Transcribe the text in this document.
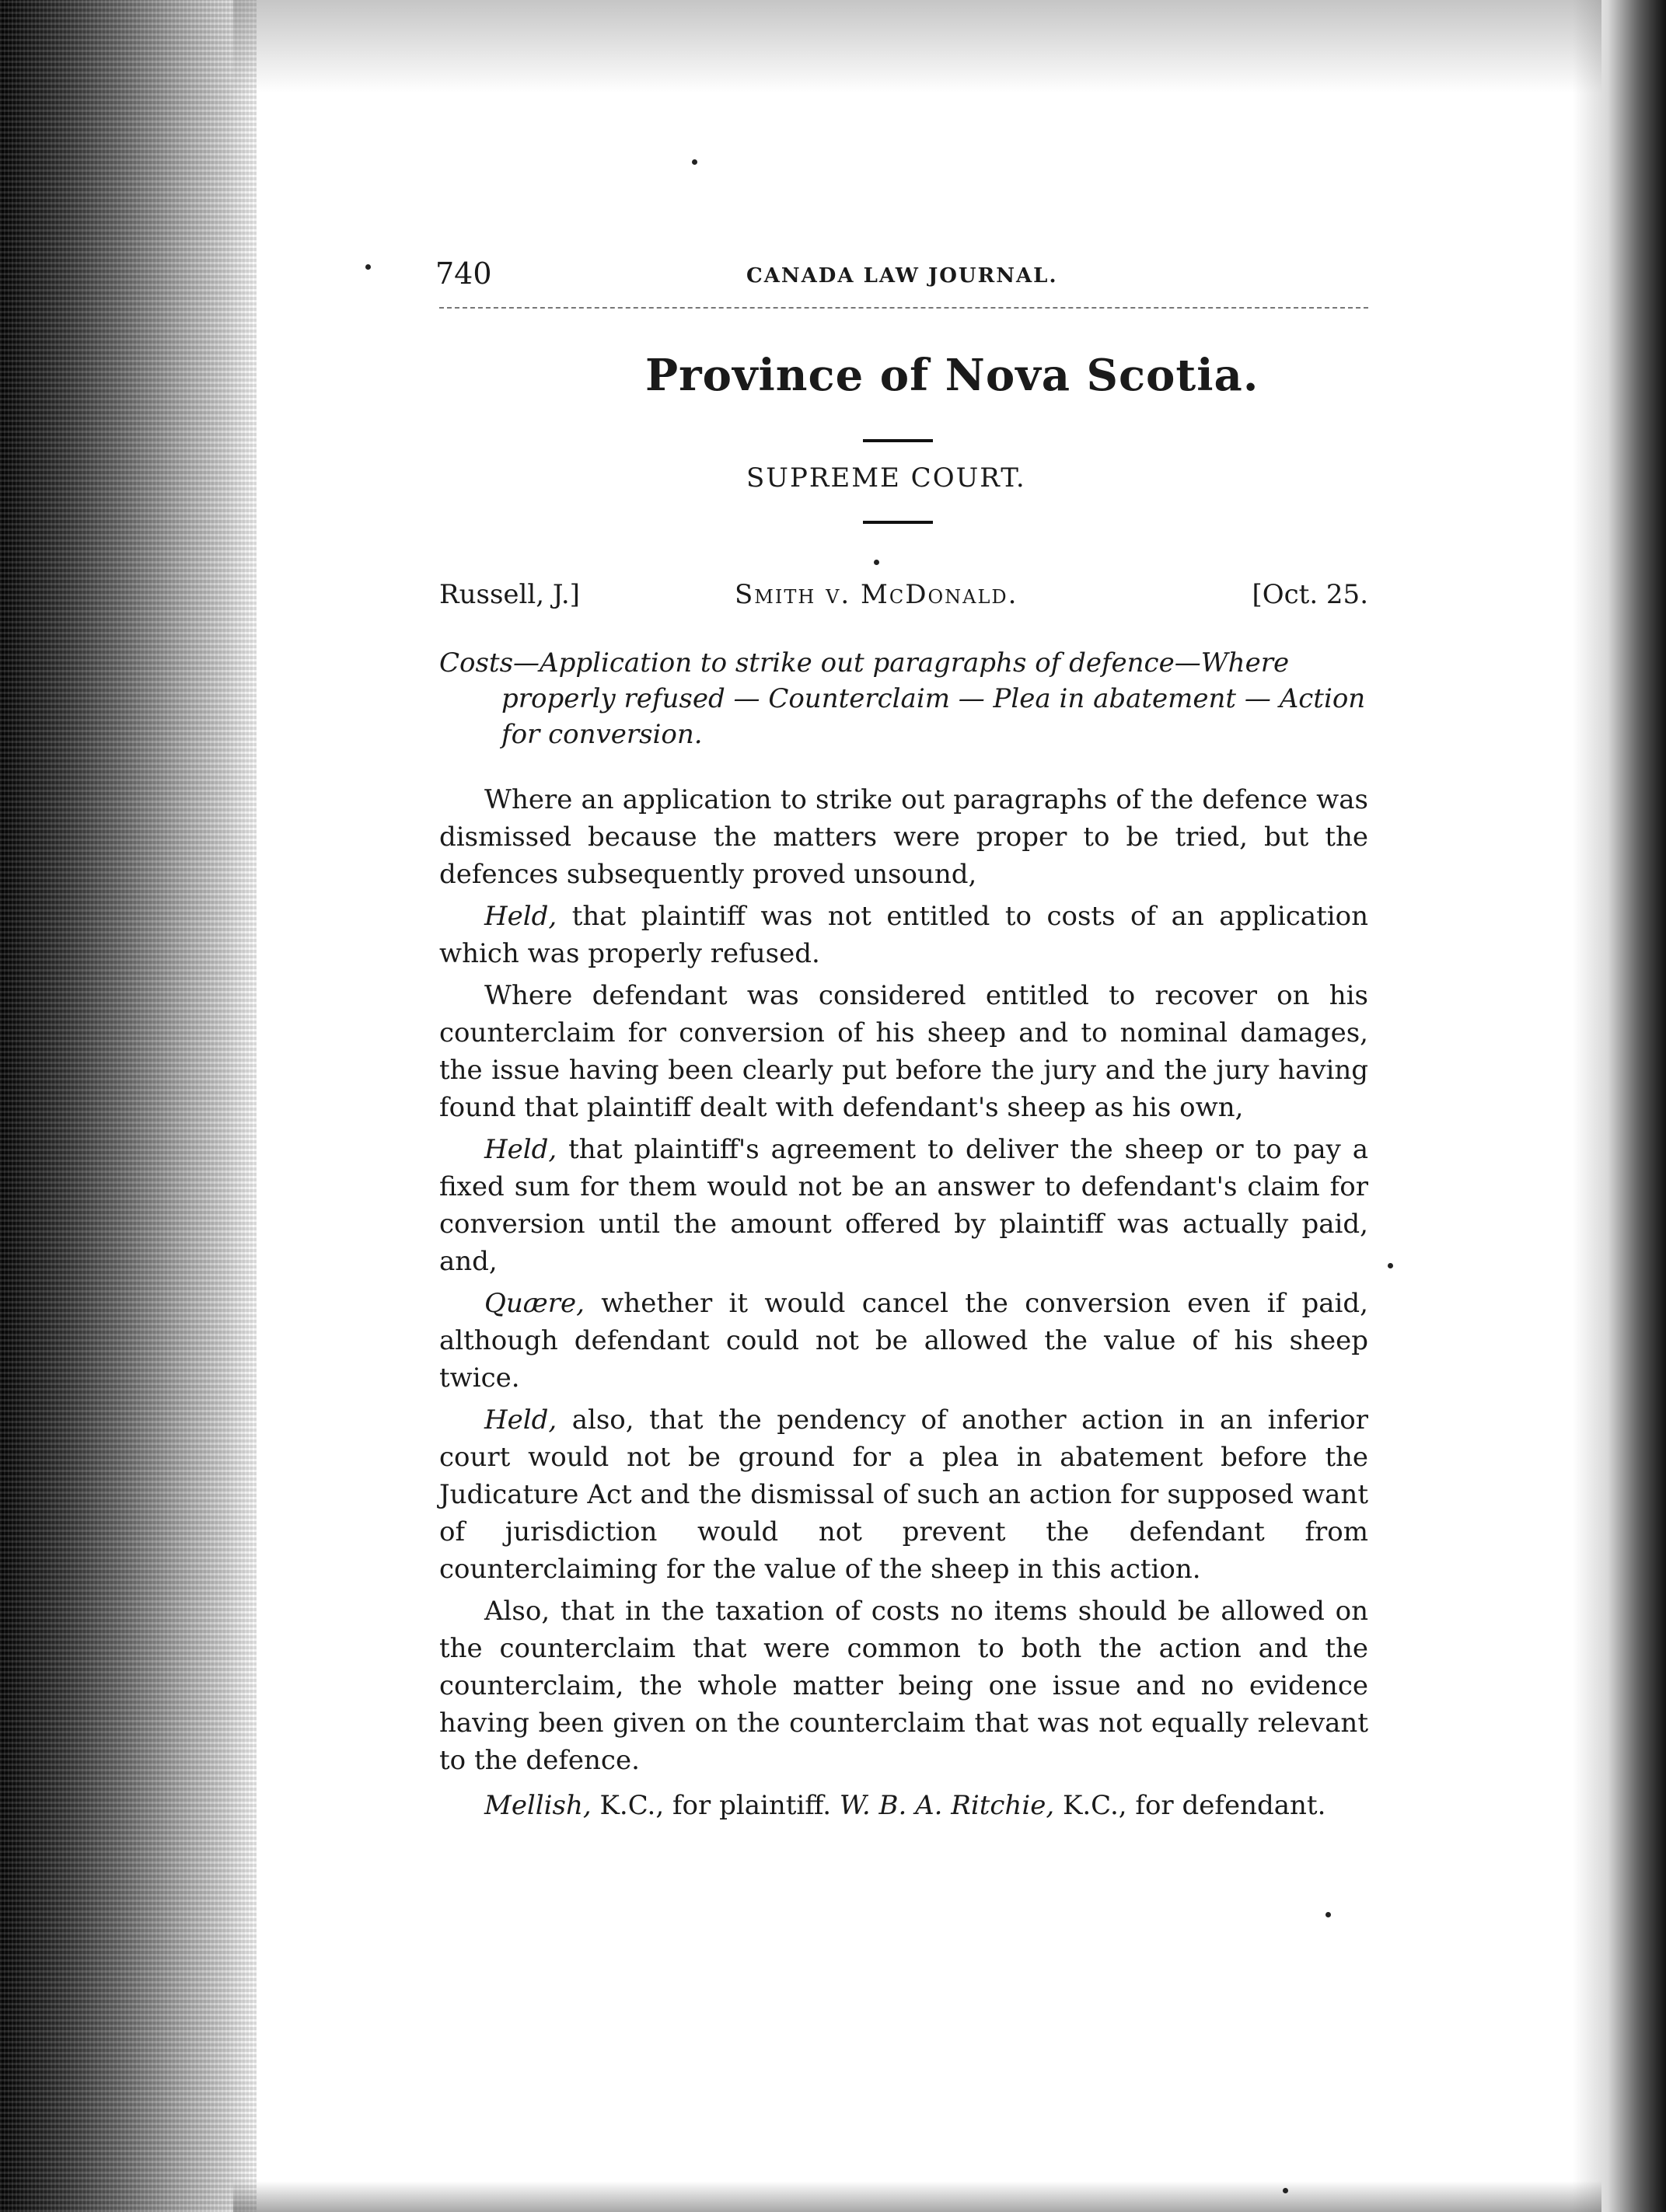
740	CANADA LAW JOURNAL.
Province of Nova Scotia.
SUPREME COURT.
Russell, J.]	Smith v. McDonald.	[Oct. 25.
Costs—Application to strike out paragraphs of defence—Where properly refused — Counterclaim — Plea in abatement — Action for conversion.

Where an application to strike out paragraphs of the defence was dismissed because the matters were proper to be tried, but the defences subsequently proved unsound,

Held, that plaintiff was not entitled to costs of an application which was properly refused.

Where defendant was considered entitled to recover on his counterclaim for conversion of his sheep and to nominal damages, the issue having been clearly put before the jury and the jury having found that plaintiff dealt with defendant's sheep as his own,

Held, that plaintiff's agreement to deliver the sheep or to pay a fixed sum for them would not be an answer to defendant's claim for conversion until the amount offered by plaintiff was actually paid, and,

Quære, whether it would cancel the conversion even if paid, although defendant could not be allowed the value of his sheep twice.

Held, also, that the pendency of another action in an inferior court would not be ground for a plea in abatement before the Judicature Act and the dismissal of such an action for supposed want of jurisdiction would not prevent the defendant from counterclaiming for the value of the sheep in this action.

Also, that in the taxation of costs no items should be allowed on the counterclaim that were common to both the action and the counterclaim, the whole matter being one issue and no evidence having been given on the counterclaim that was not equally relevant to the defence.

Mellish, K.C., for plaintiff. W. B. A. Ritchie, K.C., for defendant.
